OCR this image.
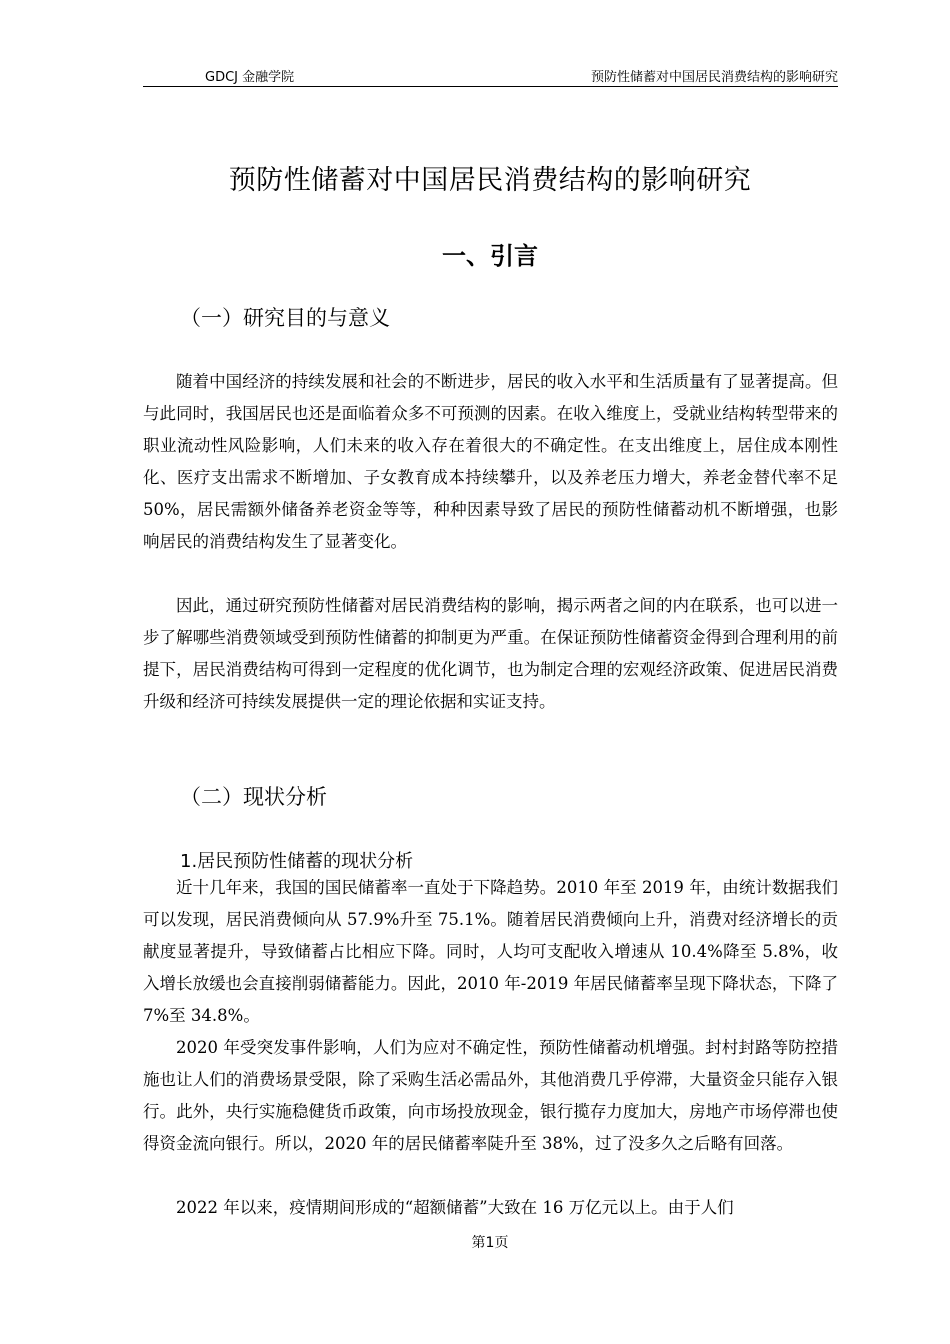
GDCJ 金融学院	预防性储蓄对中国居民消费结构的影响研究
预防性储蓄对中国居民消费结构的影响研究
一、引言
（一）研究目的与意义

随着中国经济的持续发展和社会的不断进步，居民的收入水平和生活质量有了显著提高。但与此同时，我国居民也还是面临着众多不可预测的因素。在收入维度上，受就业结构转型带来的职业流动性风险影响，人们未来的收入存在着很大的不确定性。在支出维度上，居住成本刚性化、医疗支出需求不断增加、子女教育成本持续攀升，以及养老压力增大，养老金替代率不足 50%，居民需额外储备养老资金等等，种种因素导致了居民的预防性储蓄动机不断增强，也影响居民的消费结构发生了显著变化。

因此，通过研究预防性储蓄对居民消费结构的影响，揭示两者之间的内在联系，也可以进一步了解哪些消费领域受到预防性储蓄的抑制更为严重。在保证预防性储蓄资金得到合理利用的前提下，居民消费结构可得到一定程度的优化调节，也为制定合理的宏观经济政策、促进居民消费升级和经济可持续发展提供一定的理论依据和实证支持。

（二）现状分析
1.居民预防性储蓄的现状分析

近十几年来，我国的国民储蓄率一直处于下降趋势。2010 年至 2019 年，由统计数据我们可以发现，居民消费倾向从 57.9%升至 75.1%。随着居民消费倾向上升，消费对经济增长的贡献度显著提升，导致储蓄占比相应下降。同时，人均可支配收入增速从 10.4%降至 5.8%，收入增长放缓也会直接削弱储蓄能力。因此，2010 年-2019 年居民储蓄率呈现下降状态，下降了 7%至 34.8%。

2020 年受突发事件影响，人们为应对不确定性，预防性储蓄动机增强。封村封路等防控措施也让人们的消费场景受限，除了采购生活必需品外，其他消费几乎停滞，大量资金只能存入银行。此外，央行实施稳健货币政策，向市场投放现金，银行揽存力度加大，房地产市场停滞也使得资金流向银行。所以，2020 年的居民储蓄率陡升至 38%，过了没多久之后略有回落。

2022 年以来，疫情期间形成的“超额储蓄”大致在 16 万亿元以上。由于人们

第1页
